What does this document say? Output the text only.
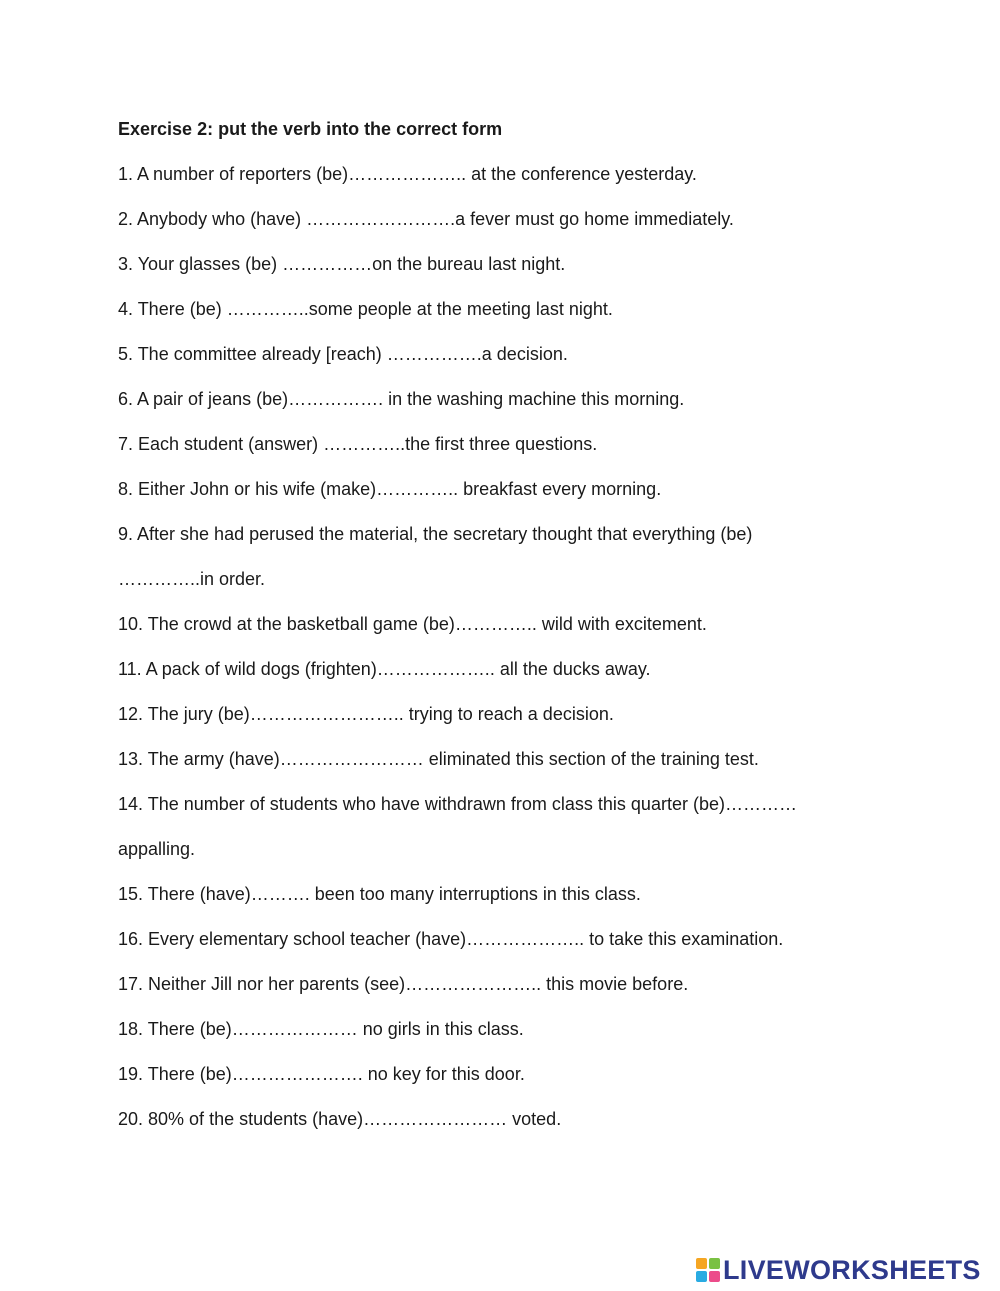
Exercise 2: put the verb into the correct form
1. A number of reporters (be)……………….. at the conference yesterday.
2. Anybody who (have) …………………….a fever must go home immediately.
3. Your glasses (be) ……………on the bureau last night.
4. There (be) …………..some people at the meeting last night.
5. The committee already [reach) …………….a decision.
6. A pair of jeans (be)……………. in the washing machine this morning.
7. Each student (answer) …………..the first three questions.
8. Either John or his wife (make)………….. breakfast every morning.
9. After she had perused the material, the secretary thought that everything (be)
…………..in order.
10. The crowd at the basketball game (be)………….. wild with excitement.
11. A pack of wild dogs (frighten)……………….. all the ducks away.
12. The jury (be)…………………….. trying to reach a decision.
13. The army (have)…………………… eliminated this section of the training test.
14. The number of students who have withdrawn from class this quarter (be)…………
appalling.
15. There (have)………. been too many interruptions in this class.
16. Every elementary school teacher (have)……………….. to take this examination.
17. Neither Jill nor her parents (see)………………….. this movie before.
18. There (be)………………… no girls in this class.
19. There (be)…………………. no key for this door.
20. 80% of the students (have)…………………… voted.
LIVEWORKSHEETS
